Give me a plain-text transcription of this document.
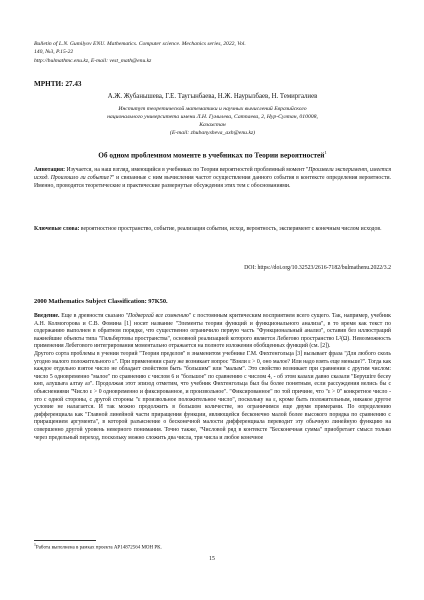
Bulletin of L.N. Gumilyov ENU. Mathematics. Computer science. Mechanics series, 2022, Vol.
140, №3, P.15-22
http://bulmathmc.enu.kz, E-mail: vest_math@enu.kz
МРНТИ: 27.43
А.Ж. Жубанышева, Г.Е. Таугынбаева, Н.Ж. Наурызбаев, Н. Темиргалиев
Институт теоретической математики и научных вычислений Евразийского
национального университета имени Л.Н. Гумилева, Сатпаева, 2, Нур-Султан, 010008,
Казахстан
(E-mail: zhubanysheva_axh@enu.kz)
Об одном проблемном моменте в учебниках по Теории вероятностей$^1$
Аннотация: Изучается, на наш взгляд, имеющийся в учебниках по Теории вероятностей проблемный момент "Произвели эксперимент, имеется исход. Произошло ли событие?" и связанные с ним вычисления частот осуществления данного события в контексте определения вероятности. Именно, проводятся теоретические и практические развернутые обсуждения этих тем с обоснованиями.
Ключевые слова: вероятностное пространство, событие, реализация события, исход, вероятность, эксперимент с конечным числом исходов.
DOI: https://doi.org/10.32523/2616-7182/bulmathenu.2022/3.2
2000 Mathematics Subject Classification: 97K50.

Введение. Еще в древности сказано "Подвергай все сомнению" с постоянным критическим восприятием всего сущего. Так, например, учебник А.Н. Колмогорова и С.В. Фомина [1] носит название "Элементы теории функций и функционального анализа", в то время как текст по содержанию выполнен в обратном порядке, что существенно ограничило первую часть "Функциональный анализ", оставив без иллюстраций важнейшие объекты типа "Гильбертовы пространства", основной реализацией которого является Лебегово пространство L²(Ω). Невозможность применения Лебегового интегрирования моментально отражается на полноте изложения обобщенных функций (см. [2]).

Другого сорта проблемы в учении теорий "Теория пределов" в знаменитом учебнике Г.М. Фихтенгольца [3] вызывает фраза "Для любого сколь угодно малого положительного ε". При применении сразу же возникает вопрос "Взяли ε > 0, оно малое? Или надо взять еще меньше?". Тогда как каждое отдельно взятое число не обладает свойством быть "большим" или "малым". Это свойство возникает при сравнении с другим числом: число 5 одновременно "малое" по сравнению с числом 6 и "большое" по сравнению с числом 4, - об этом казахи давно сказали "Берушіге бесеу көп, алушыға алтау аз". Продолжая этот эпизод отметим, что учебник Фихтенгольца был бы более понятным, если рассуждения велись бы с объяснениями "Число ε > 0 одновременно и фиксированное, и произвольное". "Фиксированное" по той причине, что "ε > 0" конкретное число - это с одной стороны, с другой стороны "ε произвольное положительное число", поскольку на ε, кроме быть положительным, никакое другое условие не налагается. И так можно продолжить в большом количестве, но ограничимся еще двумя примерами. По определению дифференциала как "Главной линейной части приращения функции, являющейся бесконечно малой более высокого порядка по сравнению с приращением аргумента", в которой разъяснение о бесконечной малости дифференциала переводит эту обычную линейную функцию на совершенно другой уровень неверного понимания. Точно также, "Числовой ряд в контексте "Бесконечная сумма" приобретает смысл только через предельный переход, поскольку можно сложить два числа, три числа и любое конечное

$^1$Работа выполнена в рамках проекта AP14872564 МОН РК.
15
